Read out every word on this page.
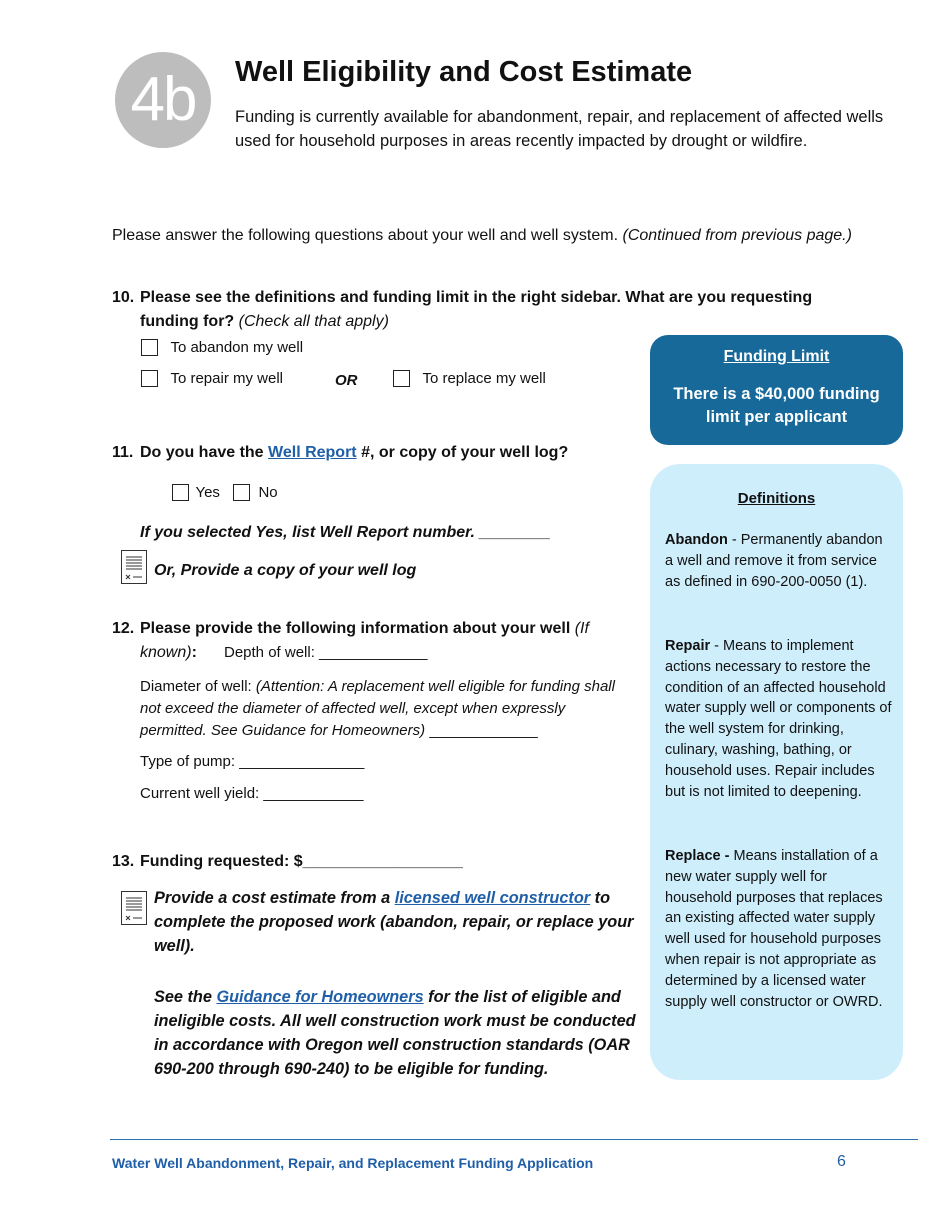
4b	Well Eligibility and Cost Estimate
Funding is currently available for abandonment, repair, and replacement of affected wells used for household purposes in areas recently impacted by drought or wildfire.
Please answer the following questions about your well and well system. (Continued from previous page.)
10. Please see the definitions and funding limit in the right sidebar. What are you requesting funding for? (Check all that apply)
To abandon my well
To repair my well	OR	To replace my well
11. Do you have the Well Report #, or copy of your well log?
Yes	No
If you selected Yes, list Well Report number. ________
Or, Provide a copy of your well log
12. Please provide the following information about your well (If known):	Depth of well: _____________
Diameter of well: (Attention: A replacement well eligible for funding shall not exceed the diameter of affected well, except when expressly permitted. See Guidance for Homeowners) _____________
Type of pump: _______________
Current well yield: ____________
13. Funding requested: $__________________
Provide a cost estimate from a licensed well constructor to complete the proposed work (abandon, repair, or replace your well).
See the Guidance for Homeowners for the list of eligible and ineligible costs. All well construction work must be conducted in accordance with Oregon well construction standards (OAR 690-200 through 690-240) to be eligible for funding.
Funding Limit
There is a $40,000 funding limit per applicant
Definitions
Abandon - Permanently abandon a well and remove it from service as defined in 690-200-0050 (1).
Repair - Means to implement actions necessary to restore the condition of an affected household water supply well or components of the well system for drinking, culinary, washing, bathing, or household uses. Repair includes but is not limited to deepening.
Replace - Means installation of a new water supply well for household purposes that replaces an existing affected water supply well used for household purposes when repair is not appropriate as determined by a licensed water supply well constructor or OWRD.
Water Well Abandonment, Repair, and Replacement Funding Application	6
